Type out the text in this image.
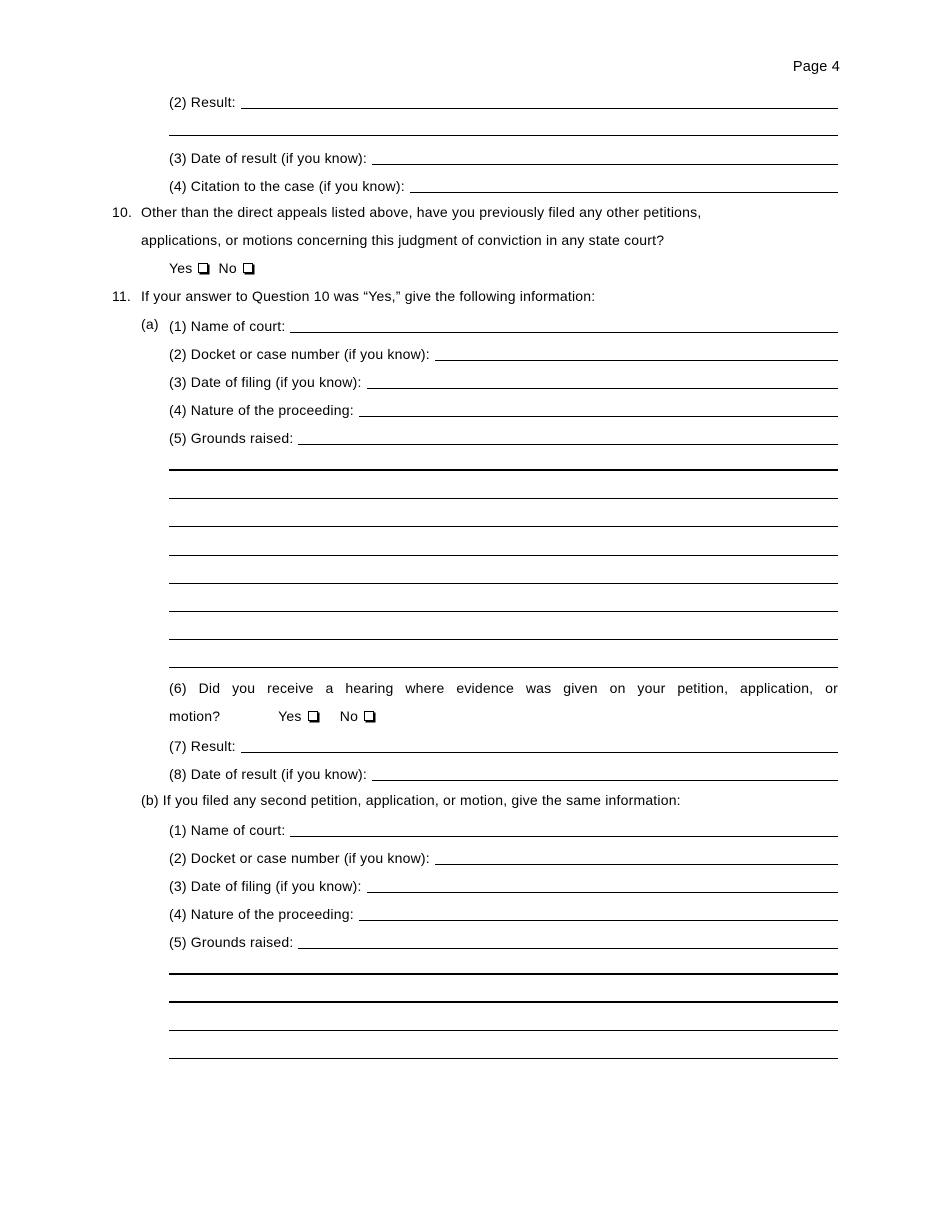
Page 4
(2) Result:
(3) Date of result (if you know):
(4) Citation to the case (if you know):
10. Other than the direct appeals listed above, have you previously filed any other petitions,
applications, or motions concerning this judgment of conviction in any state court?
Yes No
11. If your answer to Question 10 was “Yes,” give the following information:
(a) (1) Name of court:
(2) Docket or case number (if you know):
(3) Date of filing (if you know):
(4) Nature of the proceeding:
(5) Grounds raised:
(6) Did you receive a hearing where evidence was given on your petition, application, or
motion?	Yes	No
(7) Result:
(8) Date of result (if you know):
(b) If you filed any second petition, application, or motion, give the same information:
(1) Name of court:
(2) Docket or case number (if you know):
(3) Date of filing (if you know):
(4) Nature of the proceeding:
(5) Grounds raised:
